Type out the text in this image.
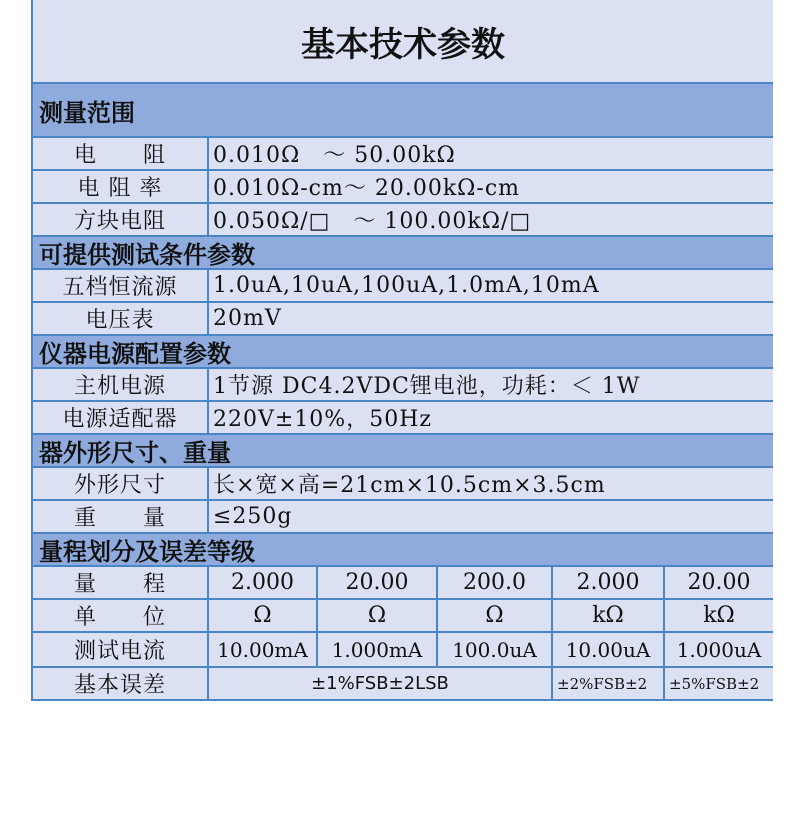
基本技术参数
测量范围
电　　阻	0.010Ω　～ 50.00kΩ
电 阻 率	0.010Ω-cm～ 20.00kΩ-cm
方块电阻	0.050Ω/□　～ 100.00kΩ/□
可提供测试条件参数
五档恒流源	1.0uA,10uA,100uA,1.0mA,10mA
电压表	20mV
仪器电源配置参数
主机电源	1节源 DC4.2VDC锂电池，功耗：＜ 1W
电源适配器	220V±10%，50Hz
器外形尺寸、重量
外形尺寸	长×宽×高=21cm×10.5cm×3.5cm
重　　量	≤250g
量程划分及误差等级
量　　程	2.000	20.00	200.0	2.000	20.00
单　　位	Ω	Ω	Ω	kΩ	kΩ
测试电流	10.00mA	1.000mA	100.0uA	10.00uA	1.000uA
基本误差	±1%FSB±2LSB	±2%FSB±2	±5%FSB±2
